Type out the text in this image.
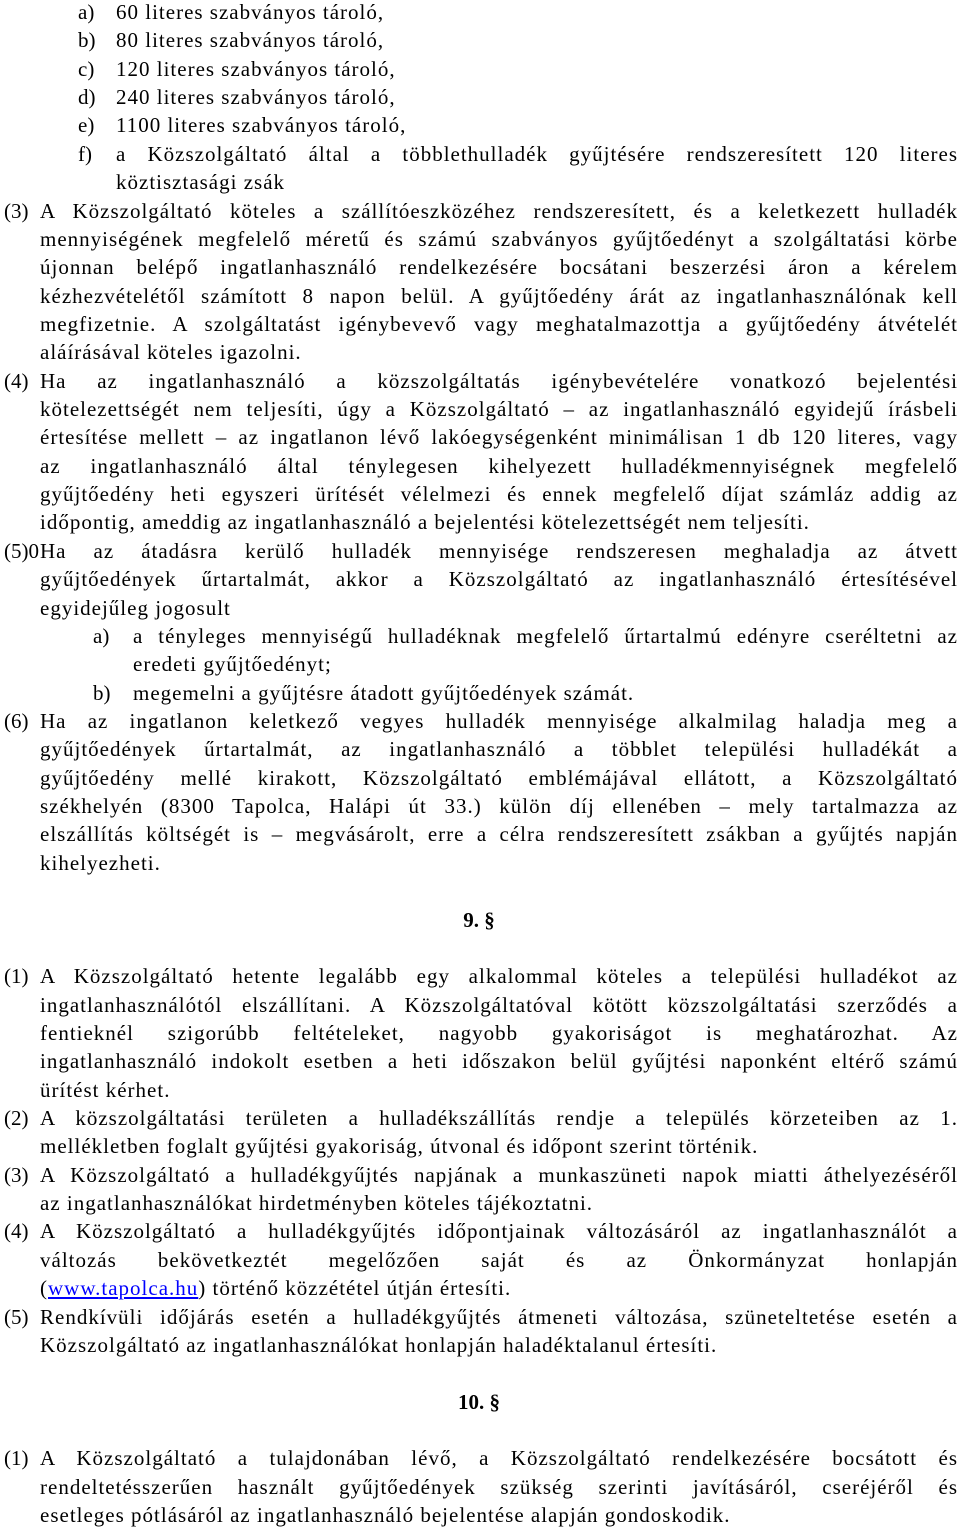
a)	60 literes szabványos tároló,
b) 80 literes szabványos tároló,
c)	120 literes szabványos tároló,
d) 240 literes szabványos tároló,
e)	1100 literes szabványos tároló,
f)	a Közszolgáltató által a többlethulladék gyűjtésére rendszeresített 120 literes
köztisztasági zsák
(3) A Közszolgáltató köteles a szállítóeszközéhez rendszeresített, és a keletkezett hulladék
mennyiségének megfelelő méretű és számú szabványos gyűjtőedényt a szolgáltatási körbe
újonnan belépő ingatlanhasználó rendelkezésére bocsátani beszerzési áron a kérelem
kézhezvételétől számított 8 napon belül. A gyűjtőedény árát az ingatlanhasználónak kell
megfizetnie. A szolgáltatást igénybevevő vagy meghatalmazottja a gyűjtőedény átvételét
aláírásával köteles igazolni.
(4) Ha az ingatlanhasználó a közszolgáltatás igénybevételére vonatkozó bejelentési
kötelezettségét nem teljesíti, úgy a Közszolgáltató – az ingatlanhasználó egyidejű írásbeli
értesítése mellett – az ingatlanon lévő lakóegységenként minimálisan 1 db 120 literes, vagy
az ingatlanhasználó által ténylegesen kihelyezett hulladékmennyiségnek megfelelő
gyűjtőedény heti egyszeri ürítését vélelmezi és ennek megfelelő díjat számláz addig az
időpontig, ameddig az ingatlanhasználó a bejelentési kötelezettségét nem teljesíti.
(5)0 Ha az átadásra kerülő hulladék mennyisége rendszeresen meghaladja az átvett
gyűjtőedények űrtartalmát, akkor a Közszolgáltató az ingatlanhasználó értesítésével
egyidejűleg jogosult
a)	a tényleges mennyiségű hulladéknak megfelelő űrtartalmú edényre cseréltetni az
eredeti gyűjtőedényt;
b)	megemelni a gyűjtésre átadott gyűjtőedények számát.
(6) Ha az ingatlanon keletkező vegyes hulladék mennyisége alkalmilag haladja meg a
gyűjtőedények űrtartalmát, az ingatlanhasználó a többlet települési hulladékát a
gyűjtőedény mellé kirakott, Közszolgáltató emblémájával ellátott, a Közszolgáltató
székhelyén (8300 Tapolca, Halápi út 33.) külön díj ellenében – mely tartalmazza az
elszállítás költségét is – megvásárolt, erre a célra rendszeresített zsákban a gyűjtés napján
kihelyezheti.
9. §
(1) A Közszolgáltató hetente legalább egy alkalommal köteles a települési hulladékot az
ingatlanhasználótól elszállítani. A Közszolgáltatóval kötött közszolgáltatási szerződés a
fentieknél szigorúbb feltételeket, nagyobb gyakoriságot is meghatározhat. Az
ingatlanhasználó indokolt esetben a heti időszakon belül gyűjtési naponként eltérő számú
ürítést kérhet.
(2) A közszolgáltatási területen a hulladékszállítás rendje a település körzeteiben az 1.
mellékletben foglalt gyűjtési gyakoriság, útvonal és időpont szerint történik.
(3) A Közszolgáltató a hulladékgyűjtés napjának a munkaszüneti napok miatti áthelyezéséről
az ingatlanhasználókat hirdetményben köteles tájékoztatni.
(4) A Közszolgáltató a hulladékgyűjtés időpontjainak változásáról az ingatlanhasználót a
változás bekövetkeztét megelőzően saját és az Önkormányzat honlapján
(www.tapolca.hu) történő közzététel útján értesíti.
(5) Rendkívüli időjárás esetén a hulladékgyűjtés átmeneti változása, szüneteltetése esetén a
Közszolgáltató az ingatlanhasználókat honlapján haladéktalanul értesíti.
10. §
(1) A Közszolgáltató a tulajdonában lévő, a Közszolgáltató rendelkezésére bocsátott és
rendeltetésszerűen használt gyűjtőedények szükség szerinti javításáról, cseréjéről és
esetleges pótlásáról az ingatlanhasználó bejelentése alapján gondoskodik.
